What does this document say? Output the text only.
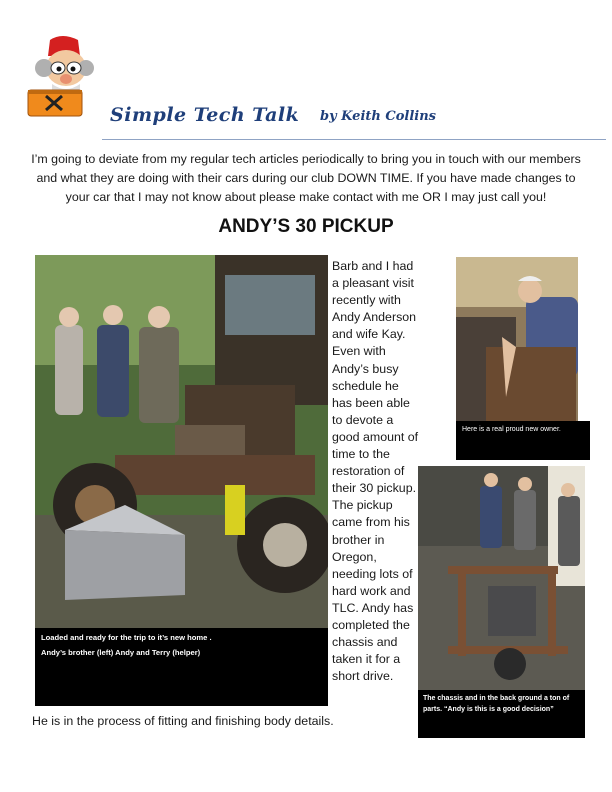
Simple Tech Talk by Keith Collins
I’m going to deviate from my regular tech articles periodically to bring you in touch with our members and what they are doing with their cars during our club DOWN TIME. If you have made changes to your car that I may not know about please make contact with me OR I may just call you!
ANDY’S 30 PICKUP
Loaded and ready for the trip to it’s new home .
Andy’s brother (left) Andy and Terry (helper)
Barb and I had a pleasant visit recently with Andy Anderson and wife Kay. Even with Andy’s busy schedule he has been able to devote a good amount of time to the restoration of their 30 pickup. The pickup came from his brother in Oregon, needing lots of hard work and TLC. Andy has completed the chassis and taken it for a short drive.
Here is a real proud new owner.
The chassis and in the back ground a ton of parts. “Andy is this is a good decision”
He is in the process of fitting and finishing body details.
